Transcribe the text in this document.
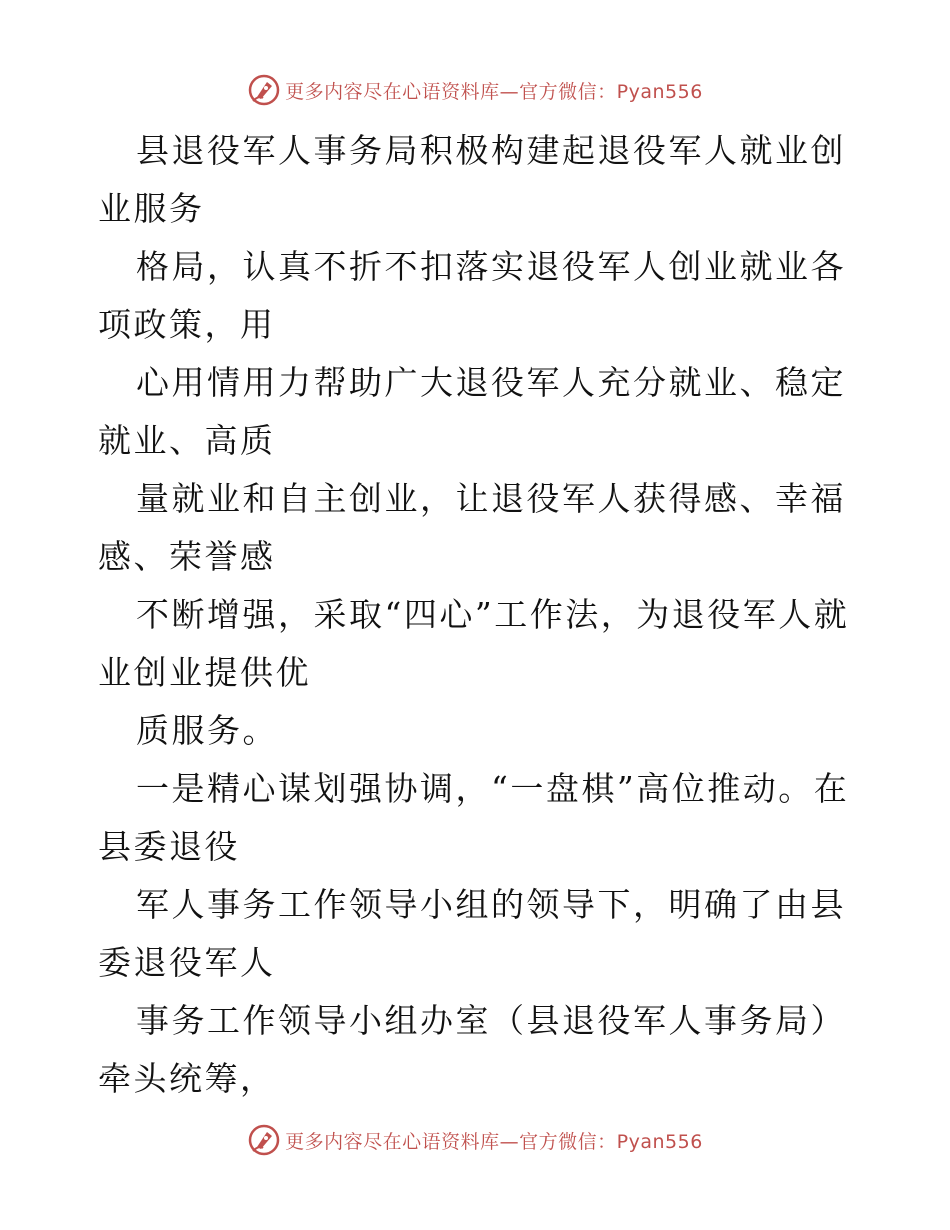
更多内容尽在心语资料库—官方微信：Pyan556

县退役军人事务局积极构建起退役军人就业创业服务

格局，认真不折不扣落实退役军人创业就业各项政策，用

心用情用力帮助广大退役军人充分就业、稳定就业、高质

量就业和自主创业，让退役军人获得感、幸福感、荣誉感

不断增强，采取“四心”工作法，为退役军人就业创业提供优

质服务。

一是精心谋划强协调，“一盘棋”高位推动。在县委退役

军人事务工作领导小组的领导下，明确了由县委退役军人

事务工作领导小组办室（县退役军人事务局）牵头统筹，

更多内容尽在心语资料库—官方微信：Pyan556
